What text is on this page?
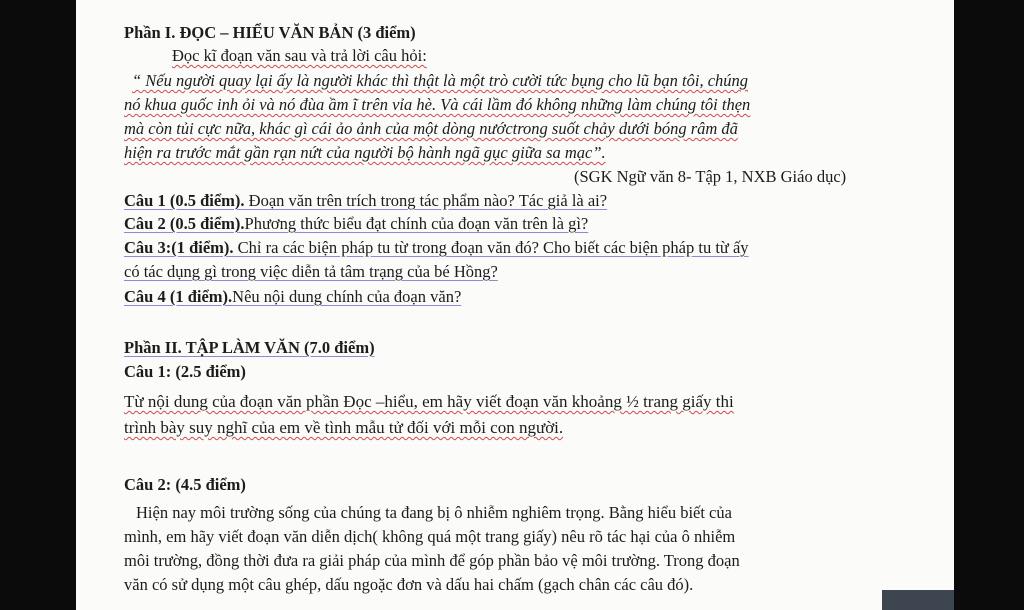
Phần I. ĐỌC – HIỂU VĂN BẢN (3 điểm)
Đọc kĩ đoạn văn sau và trả lời câu hỏi:
“ Nếu người quay lại ấy là người khác thì thật là một trò cười tức bụng cho lũ bạn tôi, chúng
nó khua guốc inh ỏi và nó đùa ầm ĩ trên vỉa hè. Và cái lầm đó không những làm chúng tôi thẹn
mà còn tủi cực nữa, khác gì cái ảo ảnh của một dòng nướctrong suốt chảy dưới bóng râm đã
hiện ra trước mắt gần rạn nứt của người bộ hành ngã gục giữa sa mạc”.
(SGK Ngữ văn 8- Tập 1, NXB Giáo dục)
Câu 1 (0.5 điểm). Đoạn văn trên trích trong tác phẩm nào? Tác giả là ai?
Câu 2 (0.5 điểm).Phương thức biểu đạt chính của đoạn văn trên là gì?
Câu 3:(1 điểm). Chỉ ra các biện pháp tu từ trong đoạn văn đó? Cho biết các biện pháp tu từ ấy
có tác dụng gì trong việc diễn tả tâm trạng của bé Hồng?
Câu 4 (1 điểm).Nêu nội dung chính của đoạn văn?
Phần II. TẬP LÀM VĂN (7.0 điểm)
Câu 1: (2.5 điểm)
Từ nội dung của đoạn văn phần Đọc –hiểu, em hãy viết đoạn văn khoảng ½ trang giấy thi
trình bày suy nghĩ của em về tình mẫu tử đối với mỗi con người.
Câu 2: (4.5 điểm)
Hiện nay môi trường sống của chúng ta đang bị ô nhiễm nghiêm trọng. Bằng hiểu biết của
mình, em hãy viết đoạn văn diễn dịch( không quá một trang giấy) nêu rõ tác hại của ô nhiễm
môi trường, đồng thời đưa ra giải pháp của mình để góp phần bảo vệ môi trường. Trong đoạn
văn có sử dụng một câu ghép, dấu ngoặc đơn và dấu hai chấm (gạch chân các câu đó).
